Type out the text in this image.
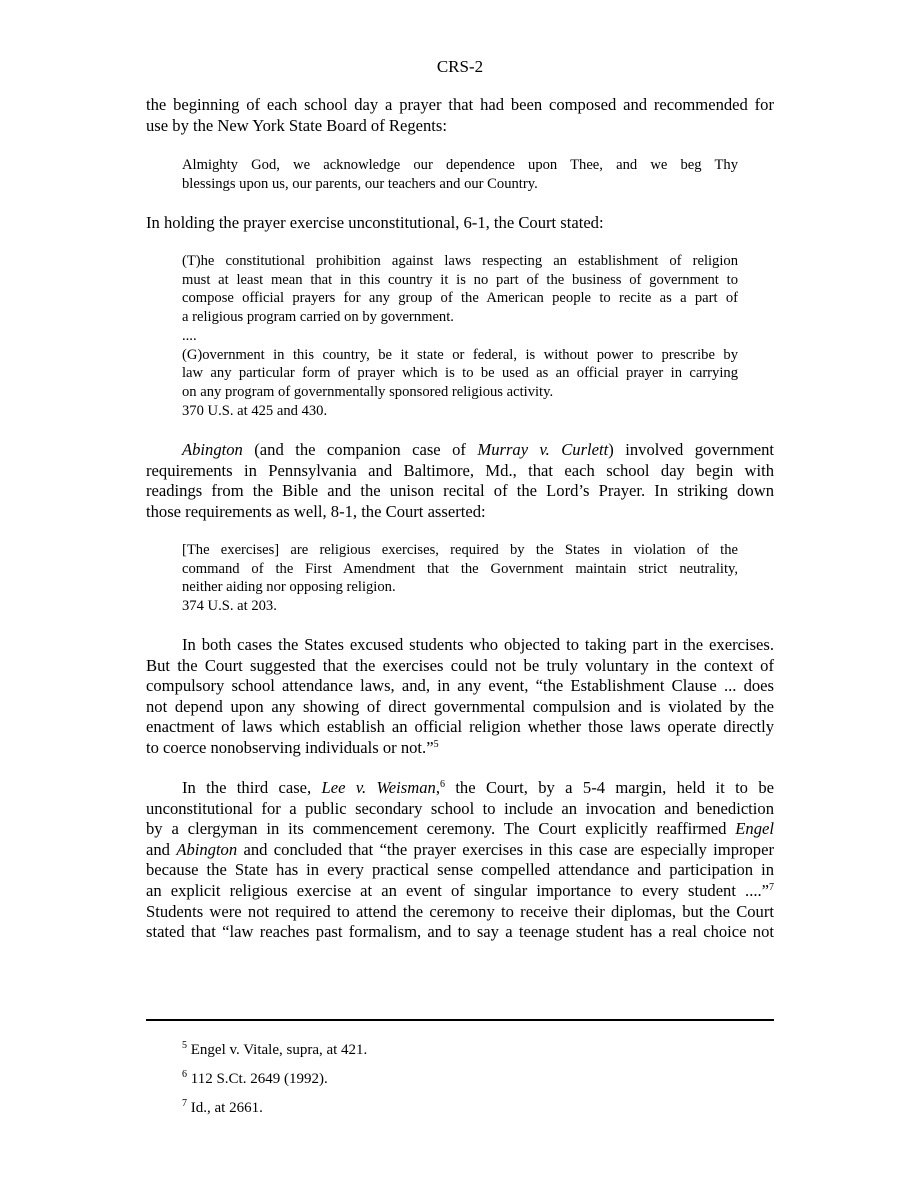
CRS-2

the beginning of each school day a prayer that had been composed and recommended for

use by the New York State Board of Regents:

Almighty God, we acknowledge our dependence upon Thee, and we beg Thy

blessings upon us, our parents, our teachers and our Country.

In holding the prayer exercise unconstitutional, 6-1, the Court stated:

(T)he constitutional prohibition against laws respecting an establishment of religion

must at least mean that in this country it is no part of the business of government to

compose official prayers for any group of the American people to recite as a part of

a religious program carried on by government.

....

(G)overnment in this country, be it state or federal, is without power to prescribe by

law any particular form of prayer which is to be used as an official prayer in carrying

on any program of governmentally sponsored religious activity.

370 U.S. at 425 and 430.

Abington (and the companion case of Murray v. Curlett) involved government

requirements in Pennsylvania and Baltimore, Md., that each school day begin with

readings from the Bible and the unison recital of the Lord’s Prayer. In striking down

those requirements as well, 8-1, the Court asserted:

[The exercises] are religious exercises, required by the States in violation of the

command of the First Amendment that the Government maintain strict neutrality,

neither aiding nor opposing religion.

374 U.S. at 203.

In both cases the States excused students who objected to taking part in the exercises.

But the Court suggested that the exercises could not be truly voluntary in the context of

compulsory school attendance laws, and, in any event, “the Establishment Clause ... does

not depend upon any showing of direct governmental compulsion and is violated by the

enactment of laws which establish an official religion whether those laws operate directly

to coerce nonobserving individuals or not.”$^5$

In the third case, Lee v. Weisman,$^6$ the Court, by a 5-4 margin, held it to be

unconstitutional for a public secondary school to include an invocation and benediction

by a clergyman in its commencement ceremony. The Court explicitly reaffirmed Engel

and Abington and concluded that “the prayer exercises in this case are especially improper

because the State has in every practical sense compelled attendance and participation in

an explicit religious exercise at an event of singular importance to every student ....”$^7$

Students were not required to attend the ceremony to receive their diplomas, but the Court

stated that “law reaches past formalism, and to say a teenage student has a real choice not

$^5$ Engel v. Vitale, supra, at 421.
$^6$ 112 S.Ct. 2649 (1992).
$^7$ Id., at 2661.
